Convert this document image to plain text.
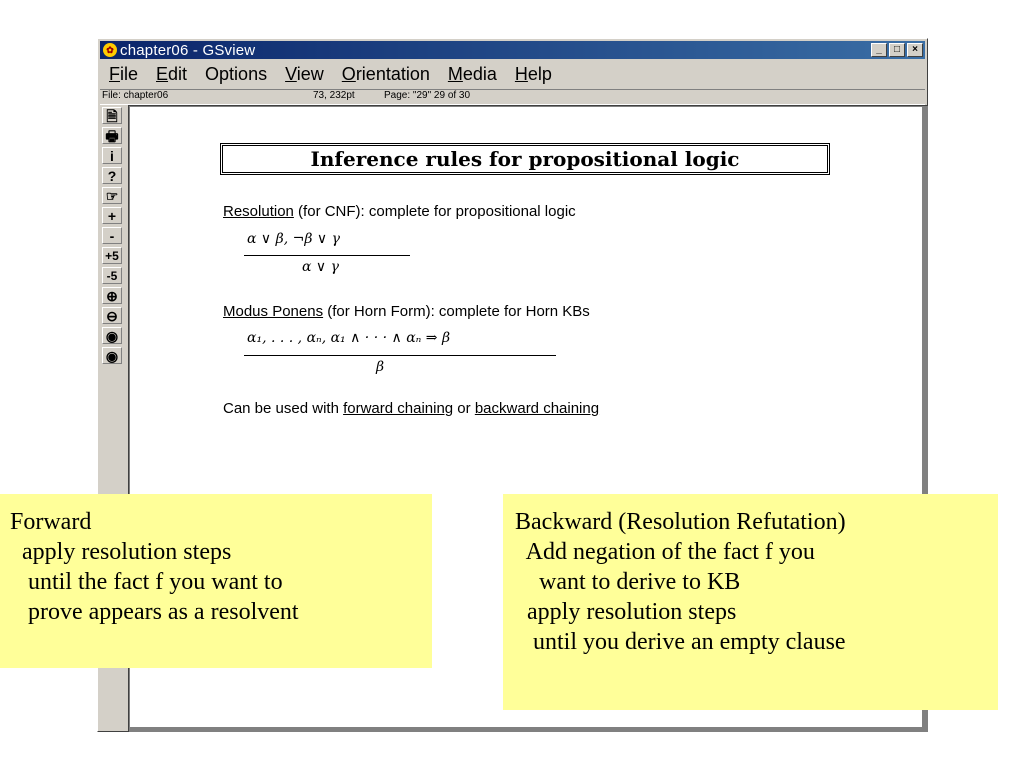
✿ chapter06 - GSview	_	□	×
File	Edit	Options	View	Orientation	Media	Help
File: chapter06	73, 232pt	Page: "29" 29 of 30
🗎
🖶
i
?
☞
+
-
+5
-5
⊕
⊖
◉
◉
Inference rules for propositional logic
Resolution (for CNF): complete for propositional logic
α ∨ β, ¬β ∨ γ
α ∨ γ
Modus Ponens (for Horn Form): complete for Horn KBs
α₁, . . . , αₙ, α₁ ∧ · · · ∧ αₙ ⇒ β
β
Can be used with forward chaining or backward chaining
Forward
apply resolution steps
until the fact f you want to
prove appears as a resolvent
Backward (Resolution Refutation)
Add negation of the fact f you
want to derive to KB
apply resolution steps
until you derive an empty clause
